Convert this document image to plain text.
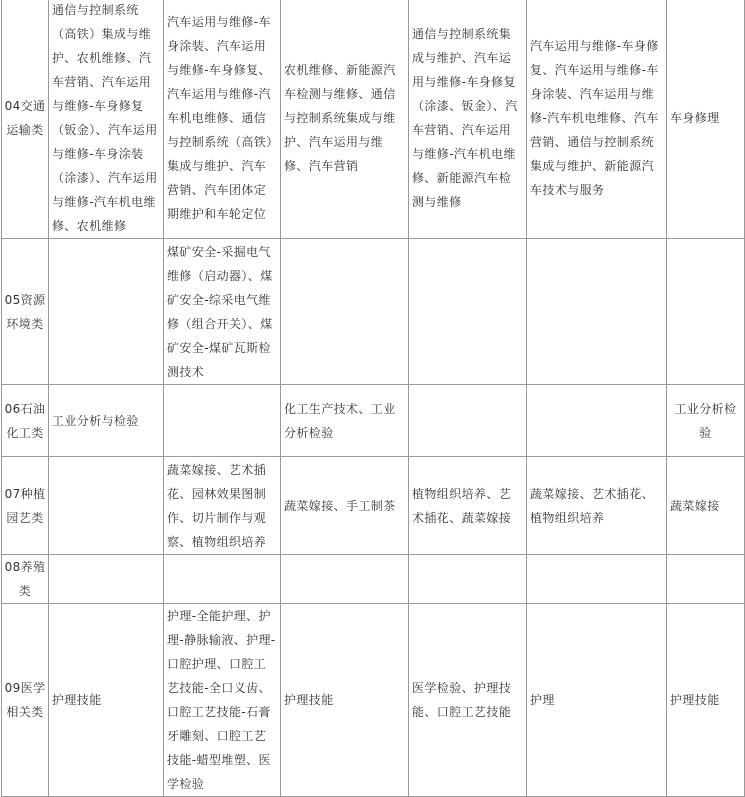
04交通运输类	通信与控制系统（高铁）集成与维护、农机维修、汽车营销、汽车运用与维修-车身修复（钣金）、汽车运用与维修-车身涂装（涂漆）、汽车运用与维修-汽车机电维修、农机维修	汽车运用与维修-车身涂装、汽车运用与维修-车身修复、汽车运用与维修-汽车机电维修、通信与控制系统（高铁）集成与维护、汽车营销、汽车团体定期维护和车轮定位	农机维修、新能源汽车检测与维修、通信与控制系统集成与维护、汽车运用与维修、汽车营销	通信与控制系统集成与维护、汽车运用与维修-车身修复（涂漆、钣金）、汽车营销、汽车运用与维修-汽车机电维修、新能源汽车检测与维修	汽车运用与维修-车身修复、汽车运用与维修-车身涂装、汽车运用与维修-汽车机电维修、汽车营销、通信与控制系统集成与维护、新能源汽车技术与服务	车身修理
05资源环境类		煤矿安全-采掘电气维修（启动器）、煤矿安全-综采电气维修（组合开关）、煤矿安全-煤矿瓦斯检测技术				
06石油化工类	工业分析与检验		化工生产技术、工业分析检验			工业分析检验
07种植园艺类		蔬菜嫁接、艺术插花、园林效果图制作、切片制作与观察、植物组织培养	蔬菜嫁接、手工制茶	植物组织培养、艺术插花、蔬菜嫁接	蔬菜嫁接、艺术插花、植物组织培养	蔬菜嫁接
08养殖类						
09医学相关类	护理技能	护理-全能护理、护理-静脉输液、护理-口腔护理、口腔工艺技能-全口义齿、口腔工艺技能-石膏牙雕刻、口腔工艺技能-蜡型堆塑、医学检验	护理技能	医学检验、护理技能、口腔工艺技能	护理	护理技能
